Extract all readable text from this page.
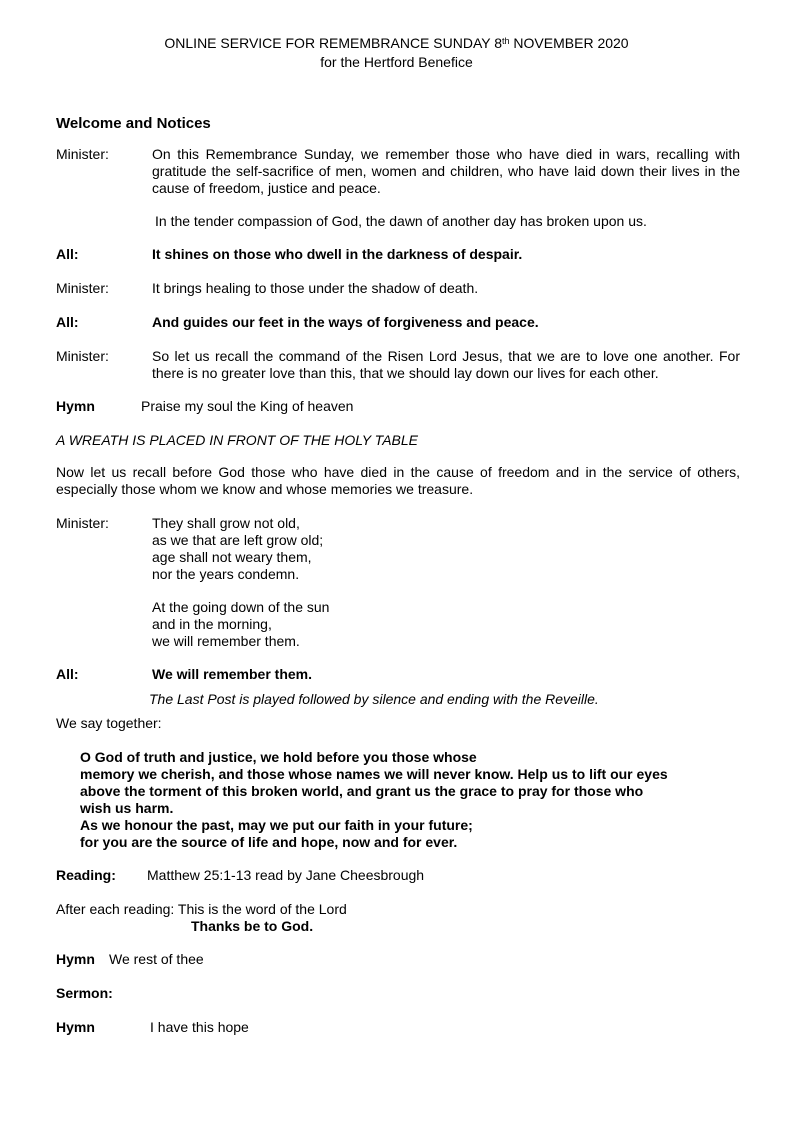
ONLINE SERVICE FOR REMEMBRANCE SUNDAY 8th NOVEMBER 2020
for the Hertford Benefice
Welcome and Notices
Minister:	On this Remembrance Sunday, we remember those who have died in wars, recalling with gratitude the self-sacrifice of men, women and children, who have laid down their lives in the cause of freedom, justice and peace.
In the tender compassion of God, the dawn of another day has broken upon us.
All:	It shines on those who dwell in the darkness of despair.
Minister:	It brings healing to those under the shadow of death.
All:	And guides our feet in the ways of forgiveness and peace.
Minister:	So let us recall the command of the Risen Lord Jesus, that we are to love one another. For there is no greater love than this, that we should lay down our lives for each other.
Hymn	Praise my soul the King of heaven
A WREATH IS PLACED IN FRONT OF THE HOLY TABLE
Now let us recall before God those who have died in the cause of freedom and in the service of others, especially those whom we know and whose memories we treasure.
Minister:	They shall grow not old,
as we that are left grow old;
age shall not weary them,
nor the years condemn.
At the going down of the sun
and in the morning,
we will remember them.
All:	We will remember them.
The Last Post is played followed by silence and ending with the Reveille.
We say together:
O God of truth and justice, we hold before you those whose
memory we cherish, and those whose names we will never know. Help us to lift our eyes
above the torment of this broken world, and grant us the grace to pray for those who
wish us harm.
As we honour the past, may we put our faith in your future;
for you are the source of life and hope, now and for ever.
Reading: Matthew 25:1-13 read by Jane Cheesbrough
After each reading: This is the word of the Lord
Thanks be to God.
Hymn We rest of thee
Sermon:
Hymn	I have this hope
